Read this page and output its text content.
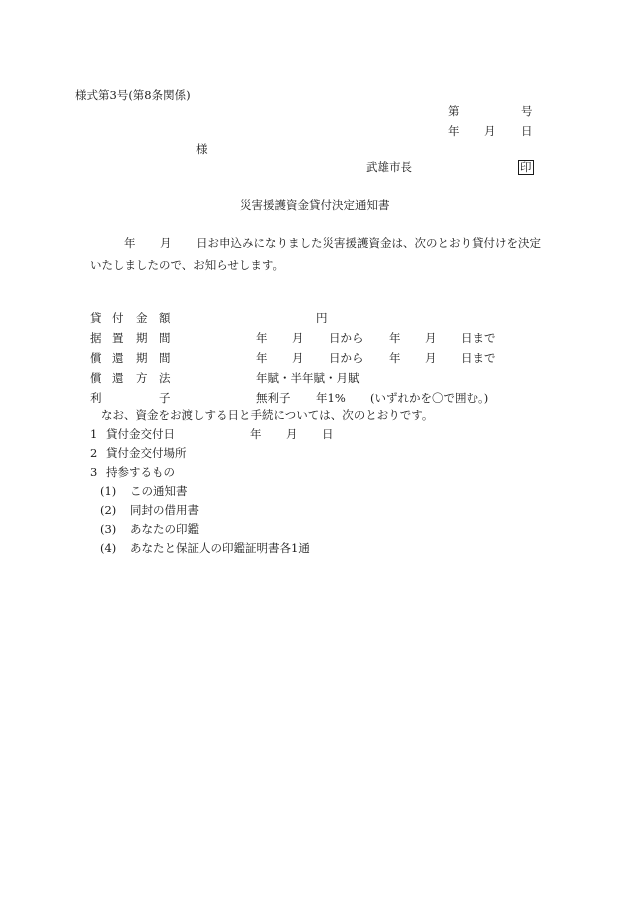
様式第3号(第8条関係)
第	号
年 月 日
様
武雄市長	印
災害援護資金貸付決定通知書
年 月 日お申込みになりました災害援護資金は、次のとおり貸付けを決定
いたしましたので、お知らせします。
貸 付 金 額	円
据 置 期 間	年 月 日から 年 月 日まで
償 還 期 間	年 月 日から 年 月 日まで
償 還 方 法	年賦・半年賦・月賦
利	子	無利子 年1% (いずれかを〇で囲む。)
なお、資金をお渡しする日と手続については、次のとおりです。
1 貸付金交付日	年 月 日
2 貸付金交付場所
3 持参するもの
(1) この通知書
(2) 同封の借用書
(3) あなたの印鑑
(4) あなたと保証人の印鑑証明書各1通
